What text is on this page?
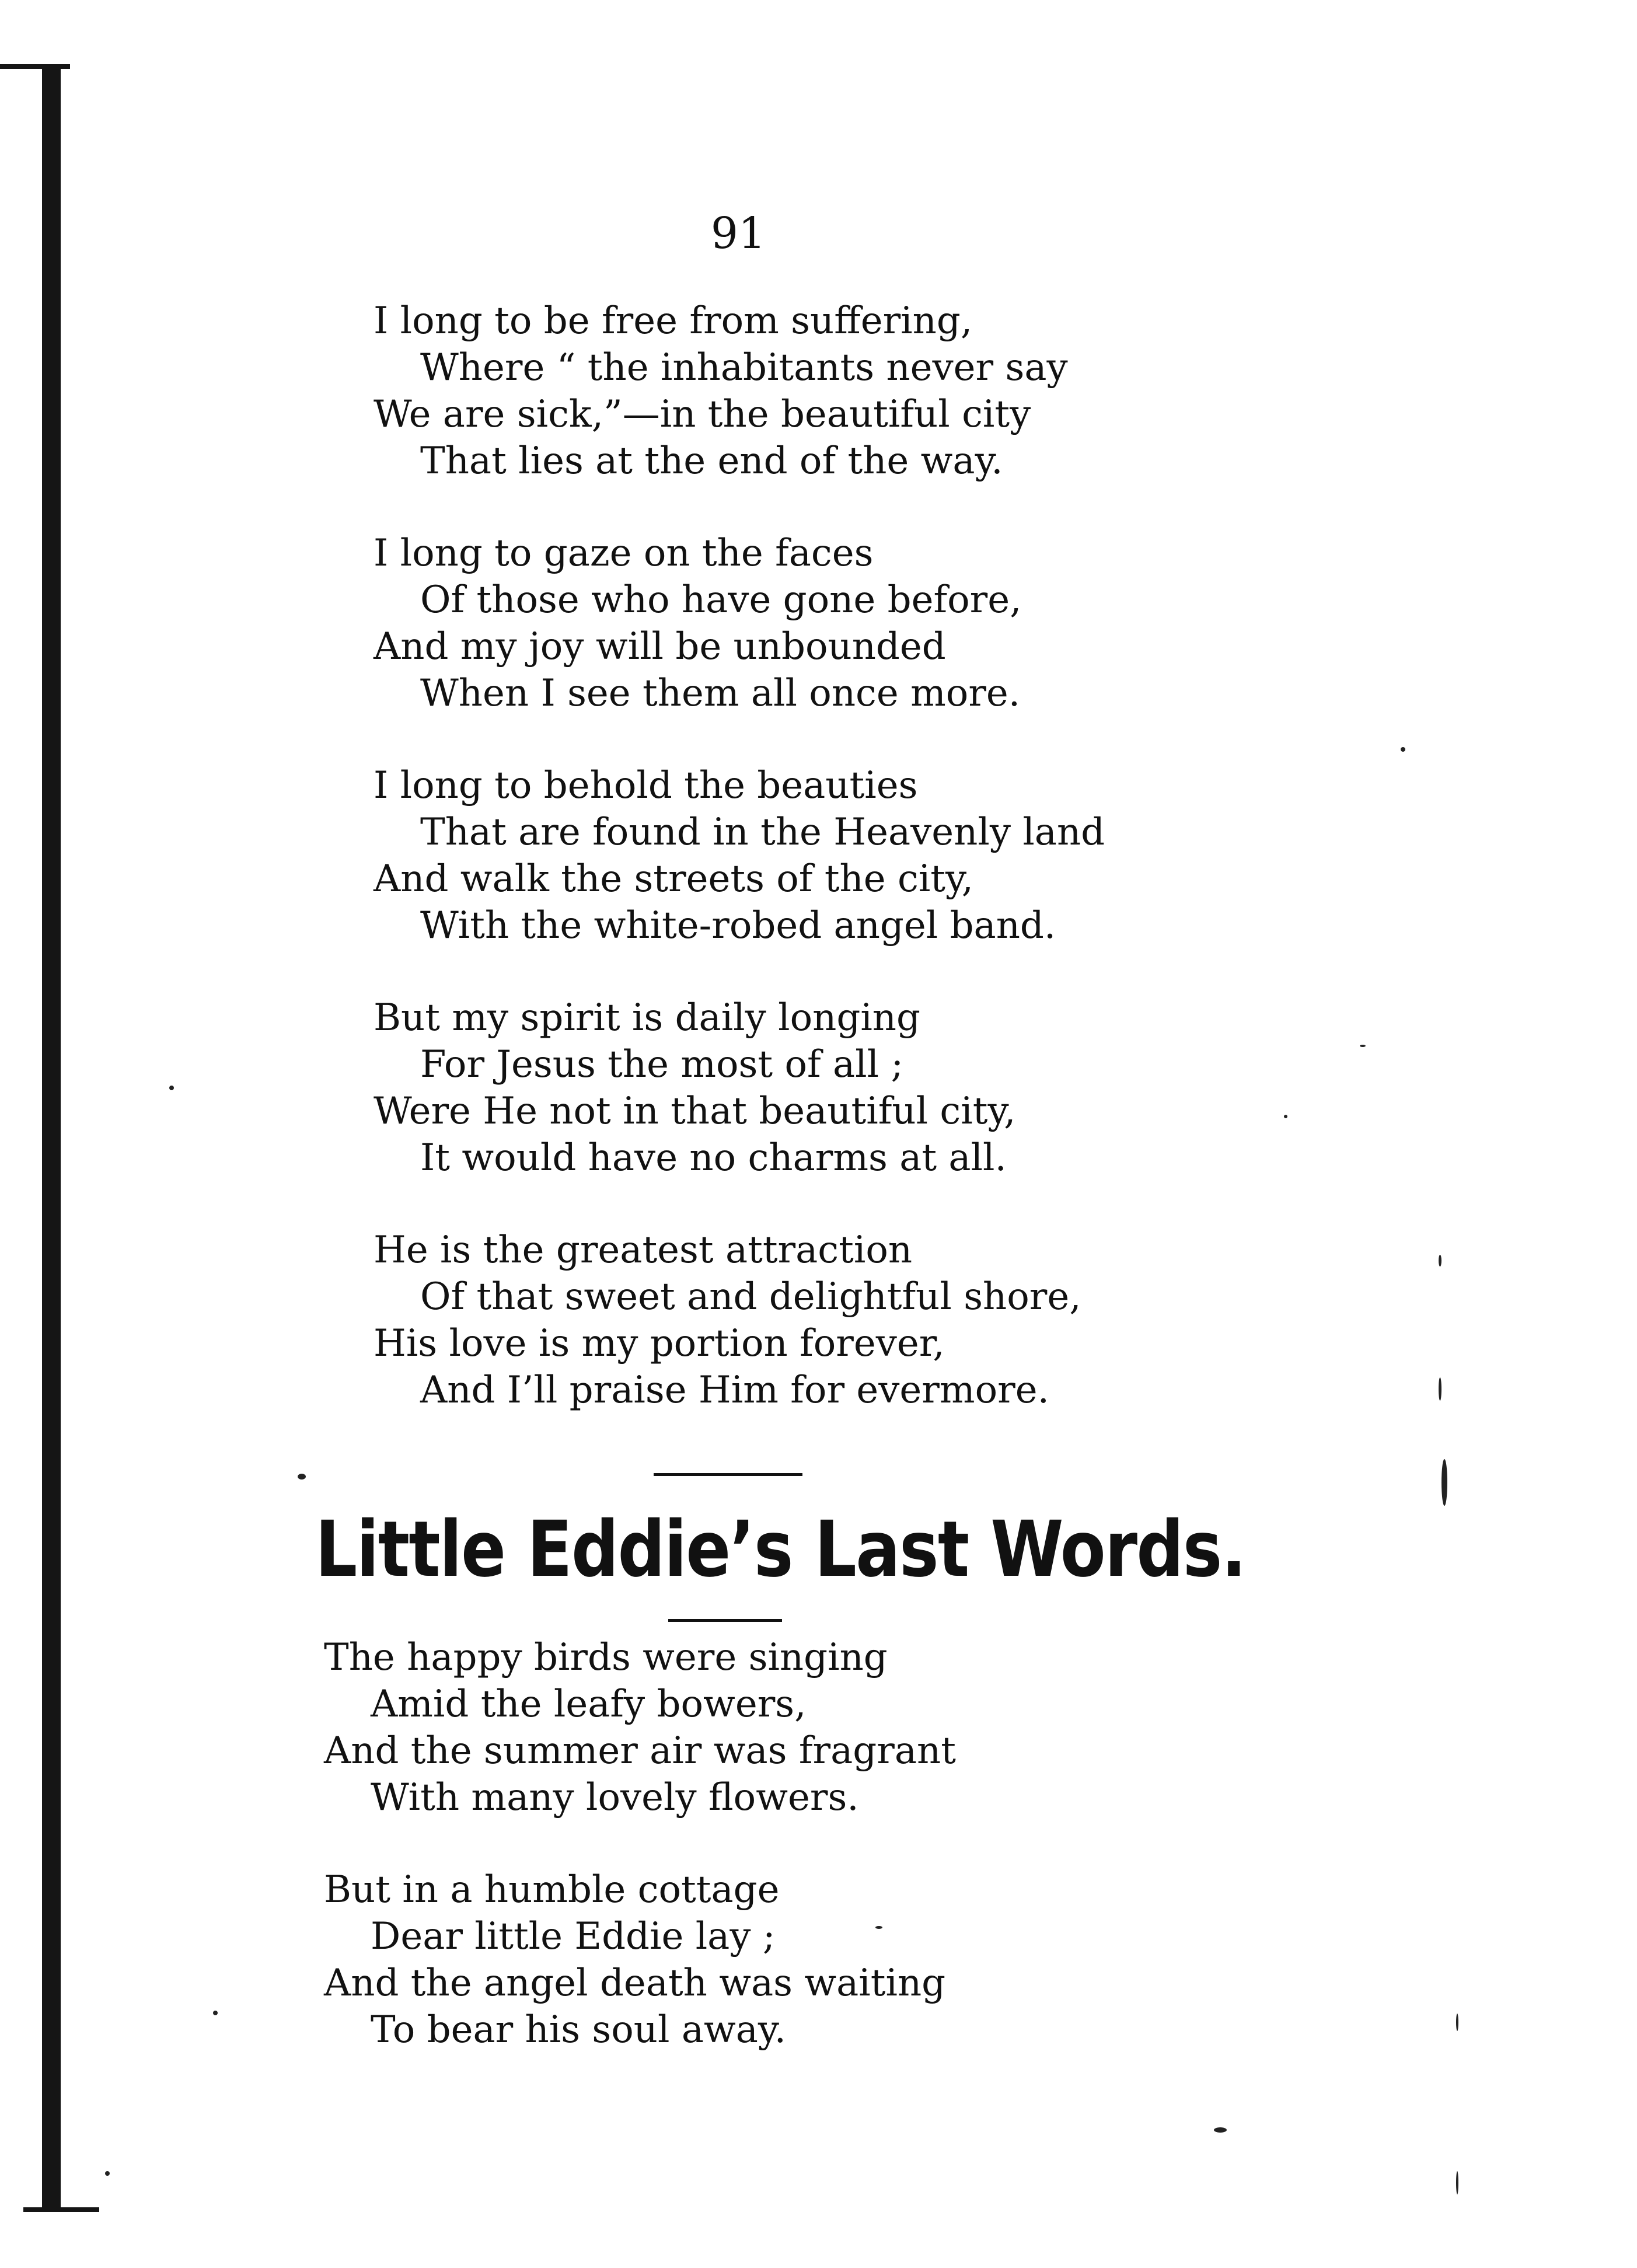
91
I long to be free from suffering,
Where “ the inhabitants never say
We are sick,”—in the beautiful city
That lies at the end of the way.
I long to gaze on the faces
Of those who have gone before,
And my joy will be unbounded
When I see them all once more.
I long to behold the beauties
That are found in the Heavenly land
And walk the streets of the city,
With the white-robed angel band.
But my spirit is daily longing
For Jesus the most of all ;
Were He not in that beautiful city,
It would have no charms at all.
He is the greatest attraction
Of that sweet and delightful shore,
His love is my portion forever,
And I’ll praise Him for evermore.
Little Eddie’s Last Words.
The happy birds were singing
Amid the leafy bowers,
And the summer air was fragrant
With many lovely flowers.
But in a humble cottage
Dear little Eddie lay ;
And the angel death was waiting
To bear his soul away.
